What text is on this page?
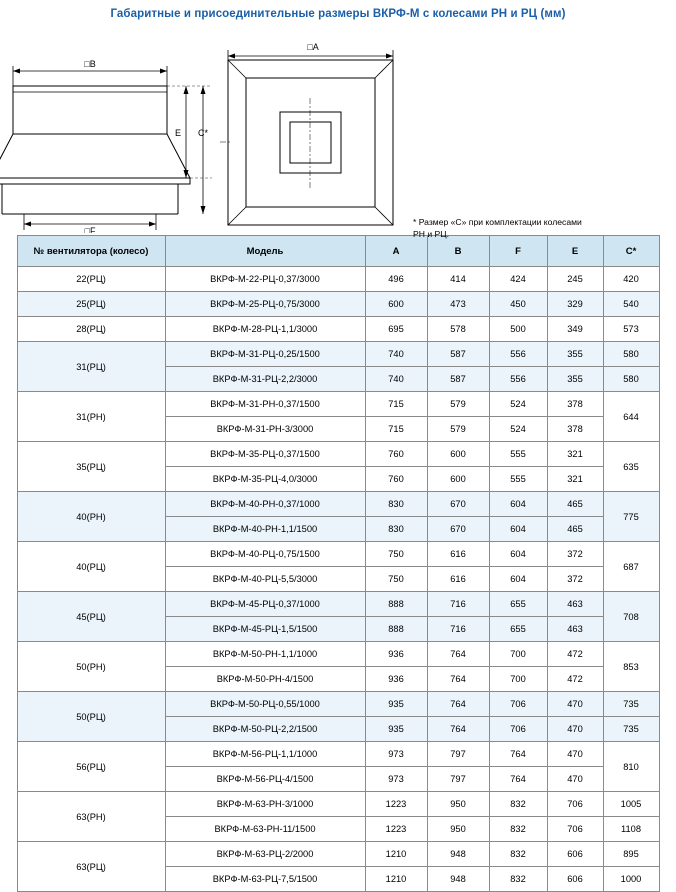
Габаритные и присоединительные размеры ВКРФ-М с колесами РН и РЦ (мм)
□B
E C*
□F
□A
* Размер «С» при комплектации колесами
РН и РЦ.
№ вентилятора (колесо)	Модель	A	B	F	E	C*
22(РЦ)	ВКРФ-М-22-РЦ-0,37/3000	496	414	424	245	420
25(РЦ)	ВКРФ-М-25-РЦ-0,75/3000	600	473	450	329	540
28(РЦ)	ВКРФ-М-28-РЦ-1,1/3000	695	578	500	349	573
31(РЦ)	ВКРФ-М-31-РЦ-0,25/1500	740	587	556	355	580
	ВКРФ-М-31-РЦ-2,2/3000	740	587	556	355	580
31(РН)	ВКРФ-М-31-РН-0,37/1500	715	579	524	378	644
	ВКРФ-М-31-РН-3/3000	715	579	524	378	
35(РЦ)	ВКРФ-М-35-РЦ-0,37/1500	760	600	555	321	635
	ВКРФ-М-35-РЦ-4,0/3000	760	600	555	321	
40(РН)	ВКРФ-М-40-РН-0,37/1000	830	670	604	465	775
	ВКРФ-М-40-РН-1,1/1500	830	670	604	465	
40(РЦ)	ВКРФ-М-40-РЦ-0,75/1500	750	616	604	372	687
	ВКРФ-М-40-РЦ-5,5/3000	750	616	604	372	
45(РЦ)	ВКРФ-М-45-РЦ-0,37/1000	888	716	655	463	708
	ВКРФ-М-45-РЦ-1,5/1500	888	716	655	463	
50(РН)	ВКРФ-М-50-РН-1,1/1000	936	764	700	472	853
	ВКРФ-М-50-РН-4/1500	936	764	700	472	
50(РЦ)	ВКРФ-М-50-РЦ-0,55/1000	935	764	706	470	735
	ВКРФ-М-50-РЦ-2,2/1500	935	764	706	470	735
56(РЦ)	ВКРФ-М-56-РЦ-1,1/1000	973	797	764	470	810
	ВКРФ-М-56-РЦ-4/1500	973	797	764	470	
63(РН)	ВКРФ-М-63-РН-3/1000	1223	950	832	706	1005
	ВКРФ-М-63-РН-11/1500	1223	950	832	706	1108
63(РЦ)	ВКРФ-М-63-РЦ-2/2000	1210	948	832	606	895
	ВКРФ-М-63-РЦ-7,5/1500	1210	948	832	606	1000
